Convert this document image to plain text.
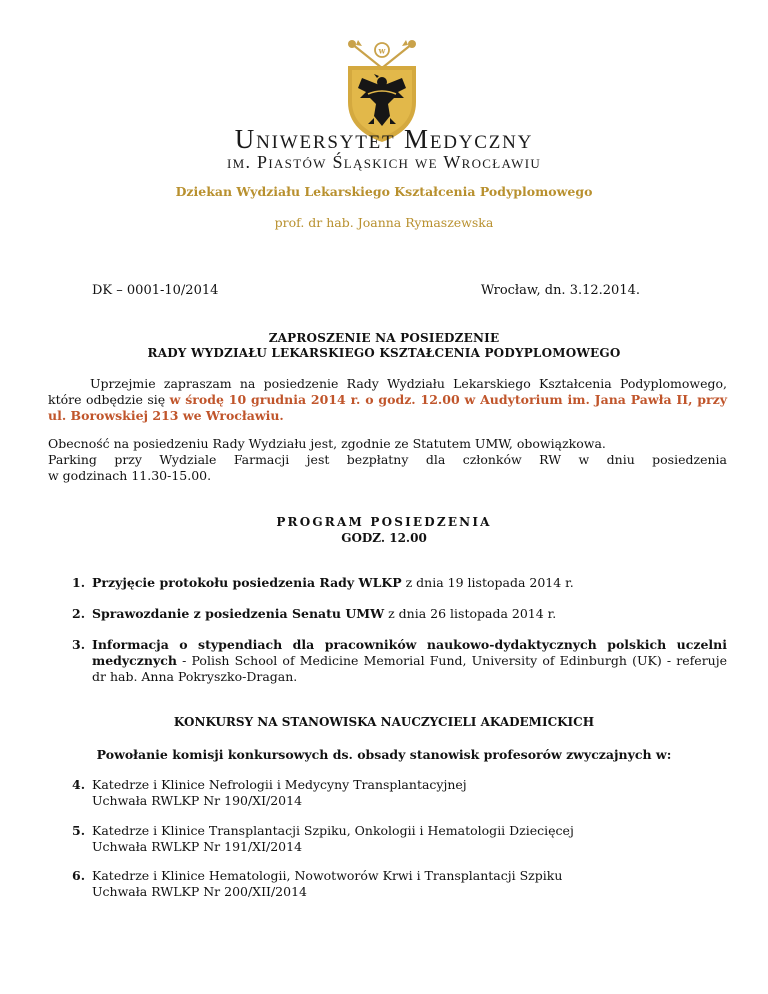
w
Uniwersytet Medyczny
im. Piastów Śląskich we Wrocławiu
Dziekan Wydziału Lekarskiego Kształcenia Podyplomowego
prof. dr hab. Joanna Rymaszewska
DK – 0001-10/2014	Wrocław, dn. 3.12.2014.
ZAPROSZENIE NA POSIEDZENIE
RADY WYDZIAŁU LEKARSKIEGO KSZTAŁCENIA PODYPLOMOWEGO
Uprzejmie zapraszam na posiedzenie Rady Wydziału Lekarskiego Kształcenia Podyplomowego, które odbędzie się w środę 10 grudnia 2014 r. o godz. 12.00 w Audytorium im. Jana Pawła II, przy ul. Borowskiej 213 we Wrocławiu.
Obecność na posiedzeniu Rady Wydziału jest, zgodnie ze Statutem UMW, obowiązkowa.
Parking przy Wydziale Farmacji jest bezpłatny dla członków RW w dniu posiedzenia
w godzinach 11.30-15.00.
PROGRAM POSIEDZENIA
GODZ. 12.00
1. Przyjęcie protokołu posiedzenia Rady WLKP z dnia 19 listopada 2014 r.
2. Sprawozdanie z posiedzenia Senatu UMW z dnia 26 listopada 2014 r.
3. Informacja o stypendiach dla pracowników naukowo-dydaktycznych polskich uczelni medycznych - Polish School of Medicine Memorial Fund, University of Edinburgh (UK) - referuje dr hab. Anna Pokryszko-Dragan.
KONKURSY NA STANOWISKA NAUCZYCIELI AKADEMICKICH
Powołanie komisji konkursowych ds. obsady stanowisk profesorów zwyczajnych w:
4. Katedrze i Klinice Nefrologii i Medycyny Transplantacyjnej
Uchwała RWLKP Nr 190/XI/2014
5. Katedrze i Klinice Transplantacji Szpiku, Onkologii i Hematologii Dziecięcej
Uchwała RWLKP Nr 191/XI/2014
6. Katedrze i Klinice Hematologii, Nowotworów Krwi i Transplantacji Szpiku
Uchwała RWLKP Nr 200/XII/2014
